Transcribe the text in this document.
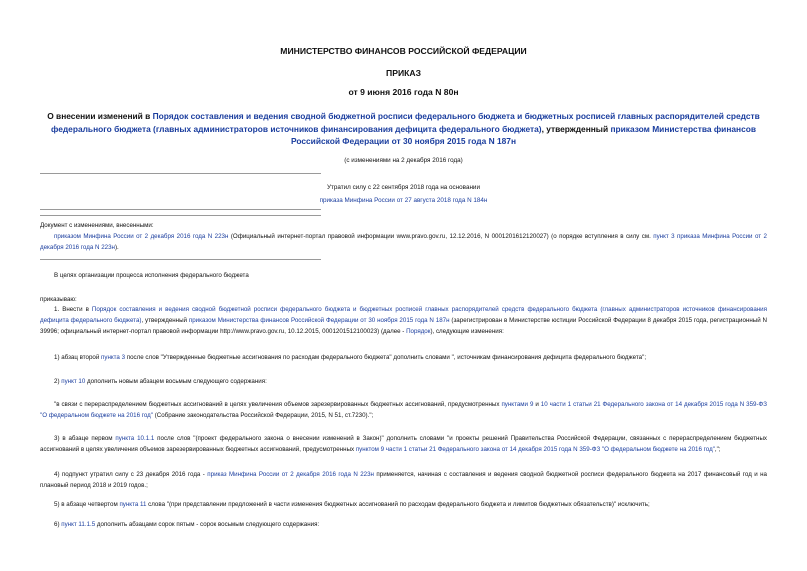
МИНИСТЕРСТВО ФИНАНСОВ РОССИЙСКОЙ ФЕДЕРАЦИИ
ПРИКАЗ
от 9 июня 2016 года N 80н
О внесении изменений в Порядок составления и ведения сводной бюджетной росписи федерального бюджета и бюджетных росписей главных распорядителей средств федерального бюджета (главных администраторов источников финансирования дефицита федерального бюджета), утвержденный приказом Министерства финансов Российской Федерации от 30 ноября 2015 года N 187н
(с изменениями на 2 декабря 2016 года)
Утратил силу с 22 сентября 2018 года на основании
приказа Минфина России от 27 августа 2018 года N 184н
Документ с изменениями, внесенными:
приказом Минфина России от 2 декабря 2016 года N 223н (Официальный интернет-портал правовой информации www.pravo.gov.ru, 12.12.2016, N 0001201612120027) (о порядке вступления в силу см. пункт 3 приказа Минфина России от 2 декабря 2016 года N 223н).
В целях организации процесса исполнения федерального бюджета
приказываю:
1. Внести в Порядок составления и ведения сводной бюджетной росписи федерального бюджета и бюджетных росписей главных распорядителей средств федерального бюджета (главных администраторов источников финансирования дефицита федерального бюджета), утвержденный приказом Министерства финансов Российской Федерации от 30 ноября 2015 года N 187н (зарегистрирован в Министерстве юстиции Российской Федерации 8 декабря 2015 года, регистрационный N 39996; официальный интернет-портал правовой информации http://www.pravo.gov.ru, 10.12.2015, 0001201512100023) (далее - Порядок), следующие изменения:
1) абзац второй пункта 3 после слов "Утвержденные бюджетные ассигнования по расходам федерального бюджета" дополнить словами ", источникам финансирования дефицита федерального бюджета";
2) пункт 10 дополнить новым абзацем восьмым следующего содержания:
"в связи с перераспределением бюджетных ассигнований в целях увеличения объемов зарезервированных бюджетных ассигнований, предусмотренных пунктами 9 и 10 части 1 статьи 21 Федерального закона от 14 декабря 2015 года N 359-ФЗ "О федеральном бюджете на 2016 год" (Собрание законодательства Российской Федерации, 2015, N 51, ст.7230).";
3) в абзаце первом пункта 10.1.1 после слов "(проект федерального закона о внесении изменений в Закон)" дополнить словами "и проекты решений Правительства Российской Федерации, связанных с перераспределением бюджетных ассигнований в целях увеличения объемов зарезервированных бюджетных ассигнований, предусмотренных пунктом 9 части 1 статьи 21 Федерального закона от 14 декабря 2015 года N 359-ФЗ "О федеральном бюджете на 2016 год",";
4) подпункт утратил силу с 23 декабря 2016 года - приказ Минфина России от 2 декабря 2016 года N 223н применяется, начиная с составления и ведения сводной бюджетной росписи федерального бюджета на 2017 финансовый год и на плановый период 2018 и 2019 годов.;
5) в абзаце четвертом пункта 11 слова "(при представлении предложений в части изменения бюджетных ассигнований по расходам федерального бюджета и лимитов бюджетных обязательств)" исключить;
6) пункт 11.1.5 дополнить абзацами сорок пятым - сорок восьмым следующего содержания:
